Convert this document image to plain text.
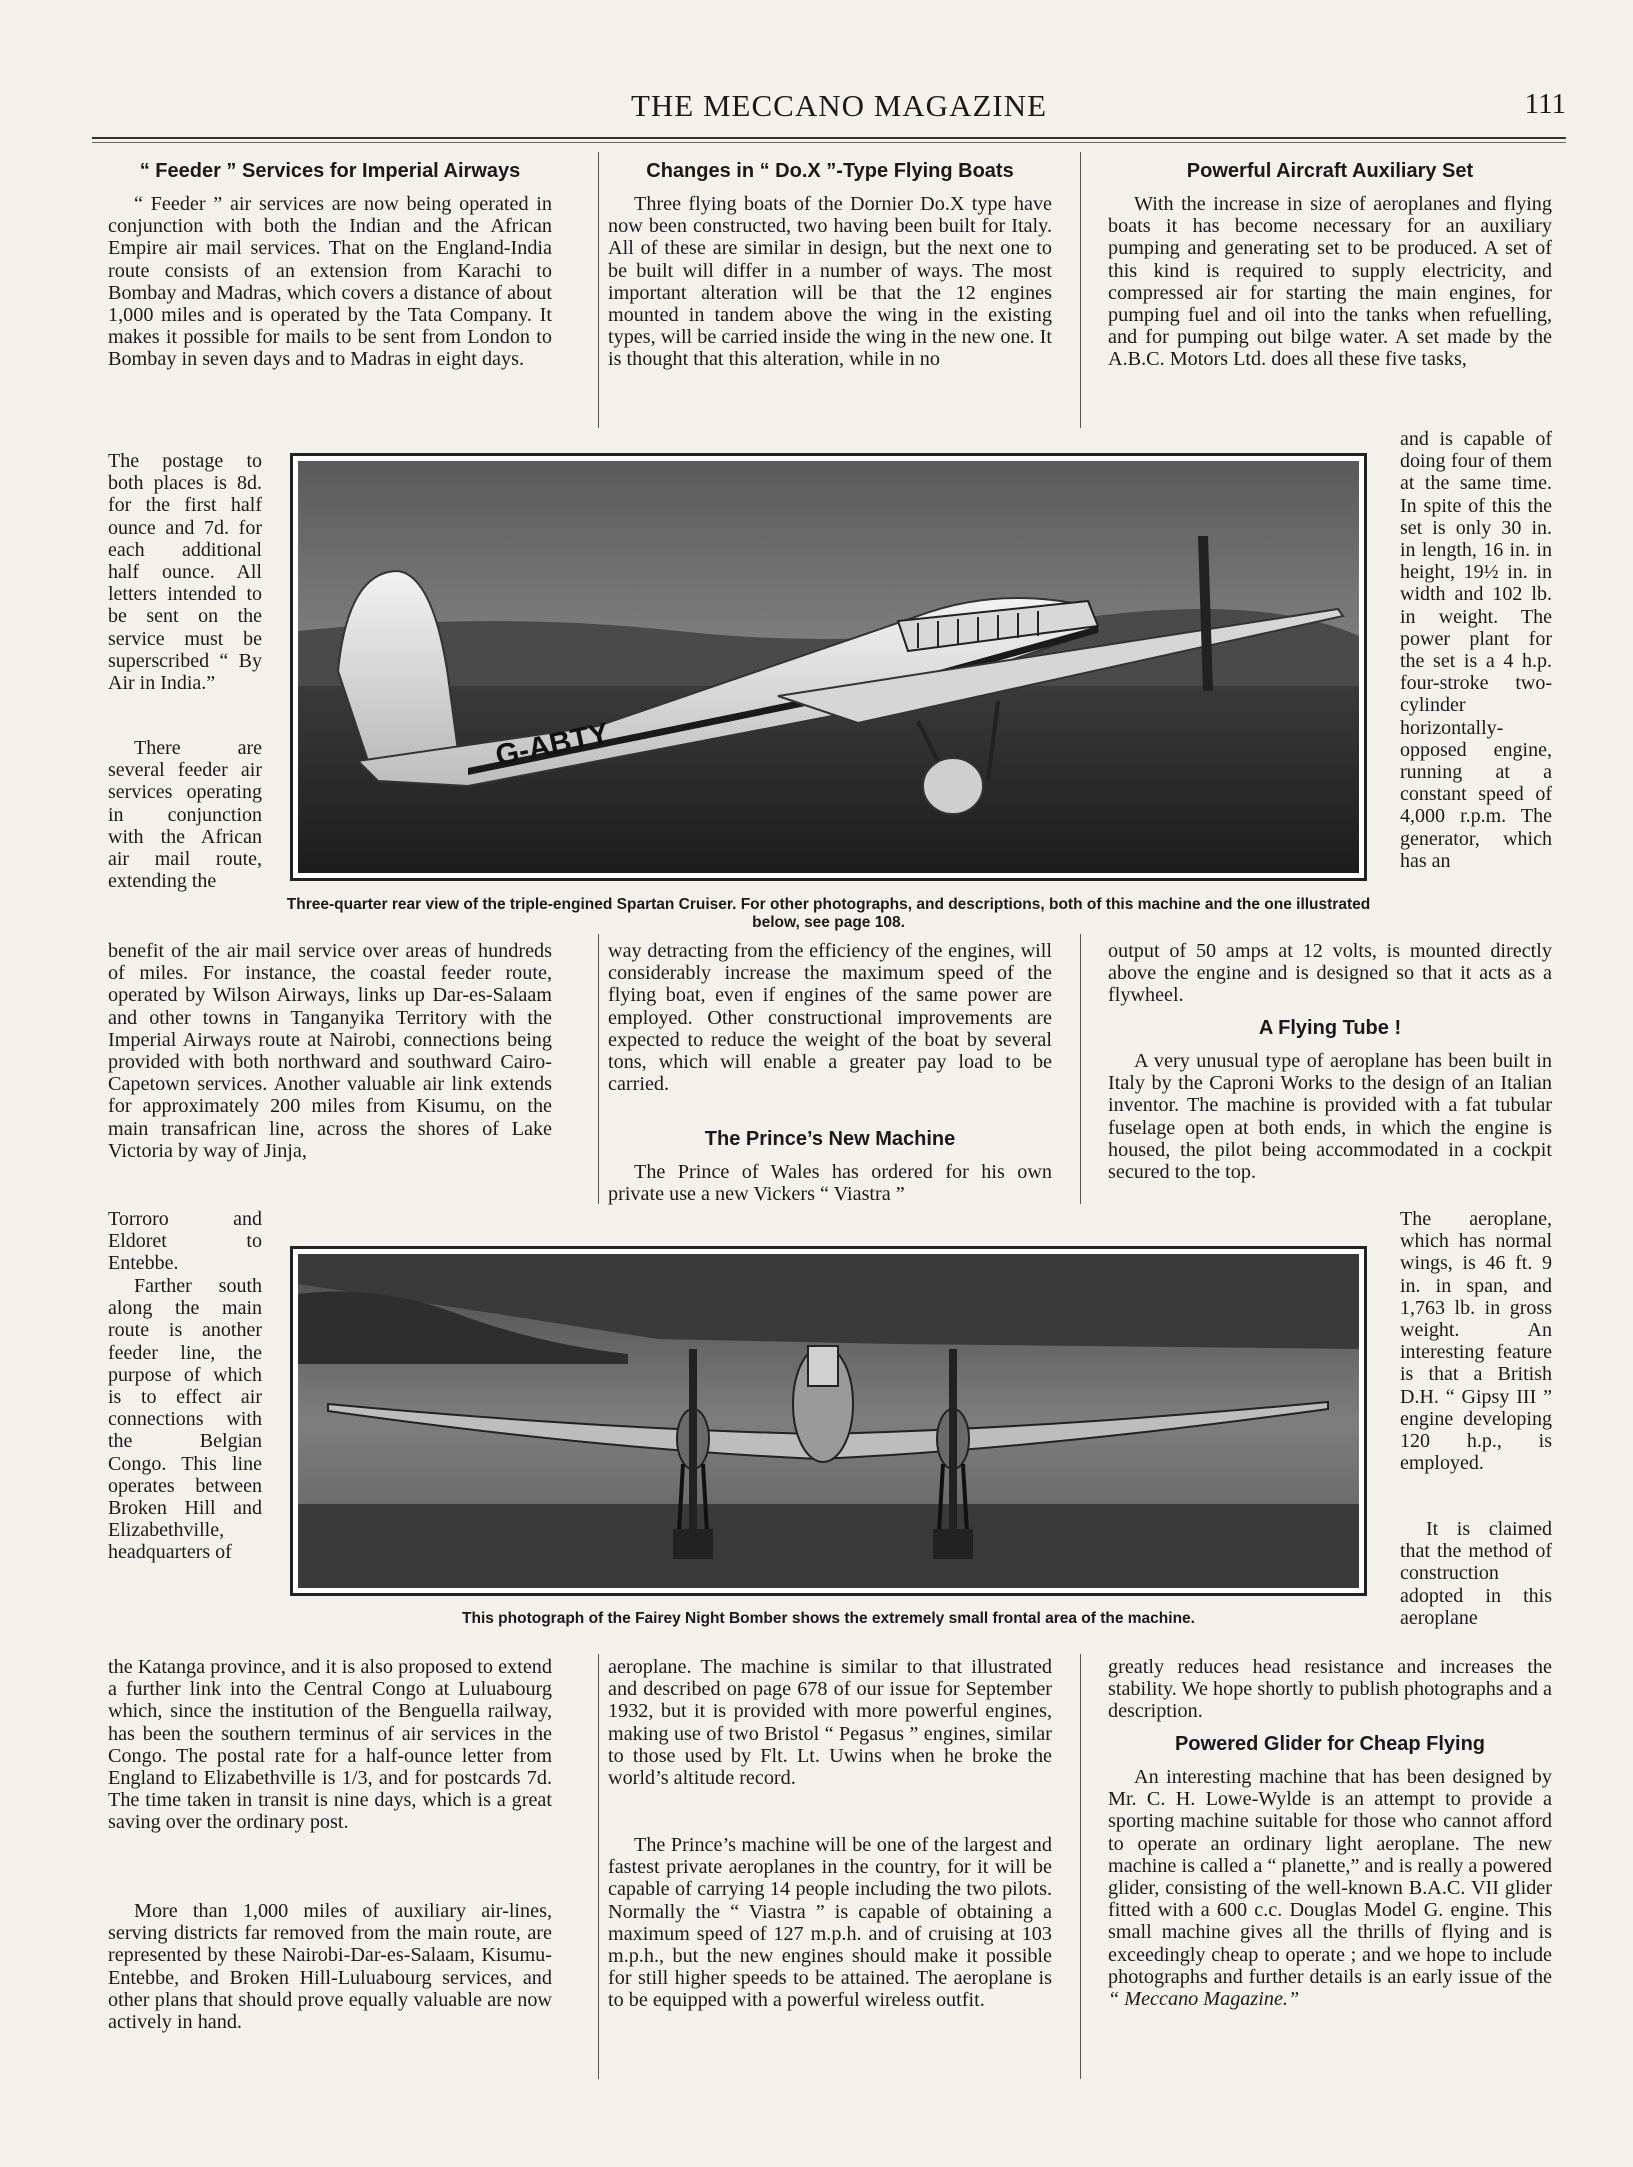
THE MECCANO MAGAZINE	111
“ Feeder ” Services for Imperial Airways

“ Feeder ” air services are now being operated in conjunction with both the Indian and the African Empire air mail services. That on the England-India route consists of an extension from Karachi to Bombay and Madras, which covers a distance of about 1,000 miles and is operated by the Tata Company. It makes it possible for mails to be sent from London to Bombay in seven days and to Madras in eight days.

The postage to both places is 8d. for the first half ounce and 7d. for each additional half ounce. All letters intended to be sent on the service must be superscribed “ By Air in India.”

There are several feeder air services operating in conjunction with the African air mail route, extending the

benefit of the air mail service over areas of hundreds of miles. For instance, the coastal feeder route, operated by Wilson Airways, links up Dar-es-Salaam and other towns in Tanganyika Territory with the Imperial Airways route at Nairobi, connections being provided with both northward and southward Cairo-Capetown services. Another valuable air link extends for approximately 200 miles from Kisumu, on the main transafrican line, across the shores of Lake Victoria by way of Jinja,

Torroro and Eldoret to Entebbe.

Farther south along the main route is another feeder line, the purpose of which is to effect air connections with the Belgian Congo. This line operates between Broken Hill and Elizabethville, headquarters of

the Katanga province, and it is also proposed to extend a further link into the Central Congo at Luluabourg which, since the institution of the Benguella railway, has been the southern terminus of air services in the Congo. The postal rate for a half-ounce letter from England to Elizabethville is 1/3, and for postcards 7d. The time taken in transit is nine days, which is a great saving over the ordinary post.

More than 1,000 miles of auxiliary air-lines, serving districts far removed from the main route, are represented by these Nairobi-Dar-es-Salaam, Kisumu-Entebbe, and Broken Hill-Luluabourg services, and other plans that should prove equally valuable are now actively in hand.

Changes in “ Do.X ”-Type Flying Boats

Three flying boats of the Dornier Do.X type have now been constructed, two having been built for Italy. All of these are similar in design, but the next one to be built will differ in a number of ways. The most important alteration will be that the 12 engines mounted in tandem above the wing in the existing types, will be carried inside the wing in the new one. It is thought that this alteration, while in no

way detracting from the efficiency of the engines, will considerably increase the maximum speed of the flying boat, even if engines of the same power are employed. Other constructional improvements are expected to reduce the weight of the boat by several tons, which will enable a greater pay load to be carried.

The Prince’s New Machine

The Prince of Wales has ordered for his own private use a new Vickers “ Viastra ”

aeroplane. The machine is similar to that illustrated and described on page 678 of our issue for September 1932, but it is provided with more powerful engines, making use of two Bristol “ Pegasus ” engines, similar to those used by Flt. Lt. Uwins when he broke the world’s altitude record.

The Prince’s machine will be one of the largest and fastest private aeroplanes in the country, for it will be capable of carrying 14 people including the two pilots. Normally the “ Viastra ” is capable of obtaining a maximum speed of 127 m.p.h. and of cruising at 103 m.p.h., but the new engines should make it possible for still higher speeds to be attained. The aeroplane is to be equipped with a powerful wireless outfit.

Powerful Aircraft Auxiliary Set

With the increase in size of aeroplanes and flying boats it has become necessary for an auxiliary pumping and generating set to be produced. A set of this kind is required to supply electricity, and compressed air for starting the main engines, for pumping fuel and oil into the tanks when refuelling, and for pumping out bilge water. A set made by the A.B.C. Motors Ltd. does all these five tasks,

and is capable of doing four of them at the same time. In spite of this the set is only 30 in. in length, 16 in. in height, 19½ in. in width and 102 lb. in weight. The power plant for the set is a 4 h.p. four-stroke two-cylinder horizontally-opposed engine, running at a constant speed of 4,000 r.p.m. The generator, which has an

output of 50 amps at 12 volts, is mounted directly above the engine and is designed so that it acts as a flywheel.

A Flying Tube !

A very unusual type of aeroplane has been built in Italy by the Caproni Works to the design of an Italian inventor. The machine is provided with a fat tubular fuselage open at both ends, in which the engine is housed, the pilot being accommodated in a cockpit secured to the top.

The aeroplane, which has normal wings, is 46 ft. 9 in. in span, and 1,763 lb. in gross weight. An interesting feature is that a British D.H. “ Gipsy III ” engine developing 120 h.p., is employed.

It is claimed that the method of construction adopted in this aeroplane

greatly reduces head resistance and increases the stability. We hope shortly to publish photographs and a description.

Powered Glider for Cheap Flying

An interesting machine that has been designed by Mr. C. H. Lowe-Wylde is an attempt to provide a sporting machine suitable for those who cannot afford to operate an ordinary light aeroplane. The new machine is called a “ planette,” and is really a powered glider, consisting of the well-known B.A.C. VII glider fitted with a 600 c.c. Douglas Model G. engine. This small machine gives all the thrills of flying and is exceedingly cheap to operate ; and we hope to include photographs and further details is an early issue of the “ Meccano Magazine.”

G-ABTY
Three-quarter rear view of the triple-engined Spartan Cruiser. For other photographs, and descriptions, both of this machine and the one illustrated below, see page 108.
This photograph of the Fairey Night Bomber shows the extremely small frontal area of the machine.
